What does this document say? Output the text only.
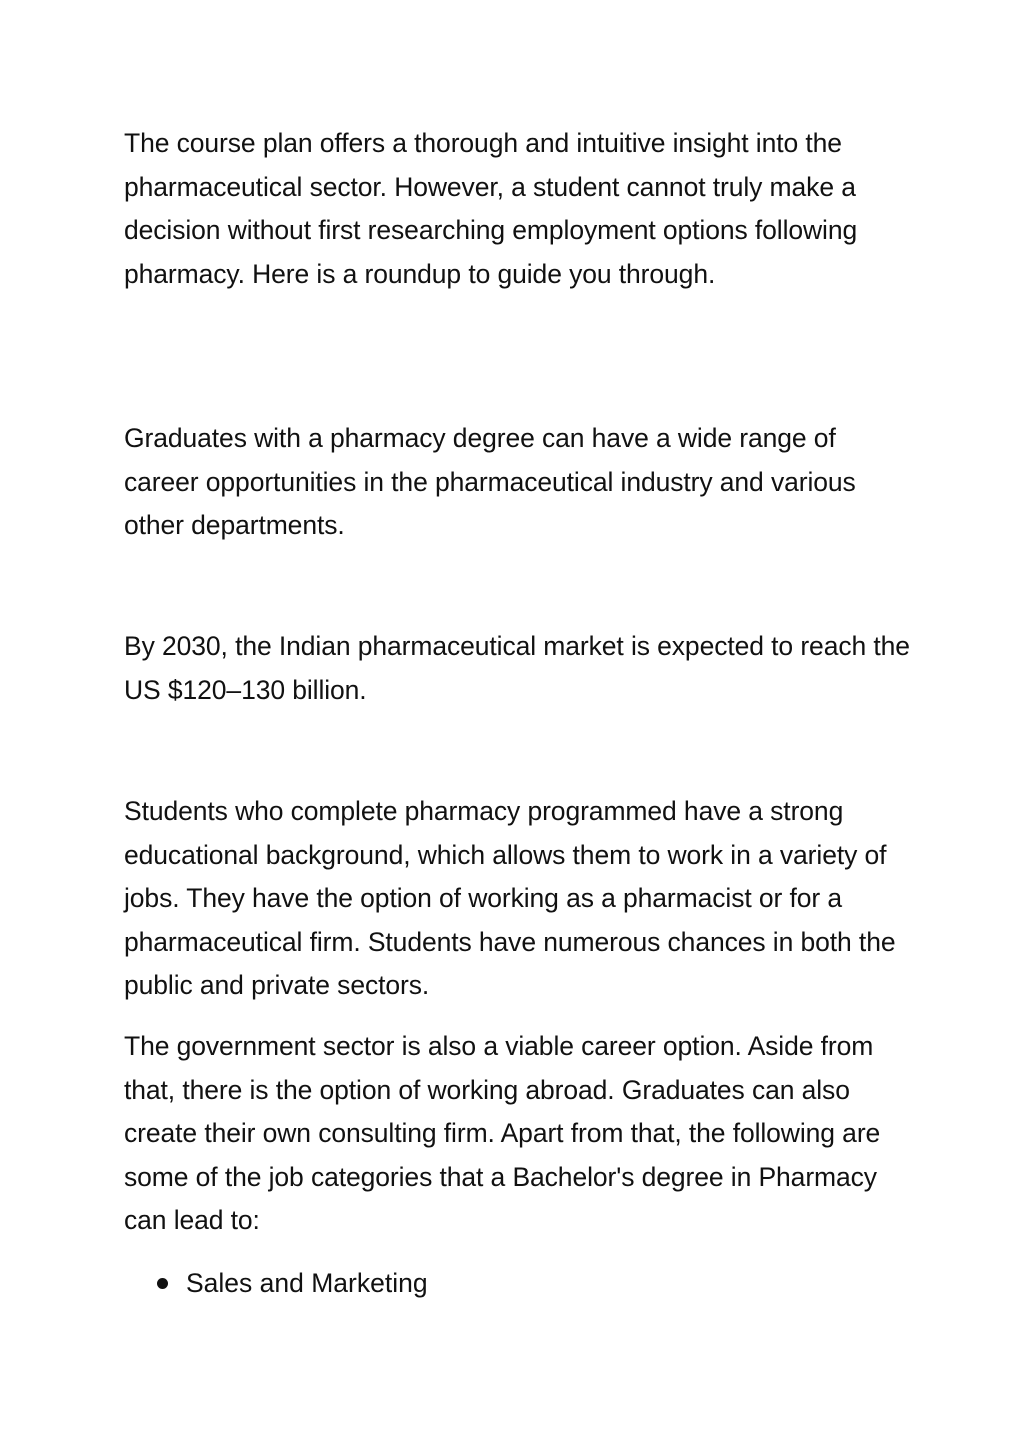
The course plan offers a thorough and intuitive insight into the pharmaceutical sector. However, a student cannot truly make a decision without first researching employment options following pharmacy. Here is a roundup to guide you through.

Graduates with a pharmacy degree can have a wide range of career opportunities in the pharmaceutical industry and various other departments.

By 2030, the Indian pharmaceutical market is expected to reach the US $120–130 billion.

Students who complete pharmacy programmed have a strong educational background, which allows them to work in a variety of jobs. They have the option of working as a pharmacist or for a pharmaceutical firm. Students have numerous chances in both the public and private sectors.

The government sector is also a viable career option. Aside from that, there is the option of working abroad. Graduates can also create their own consulting firm. Apart from that, the following are some of the job categories that a Bachelor's degree in Pharmacy can lead to:

Sales and Marketing
